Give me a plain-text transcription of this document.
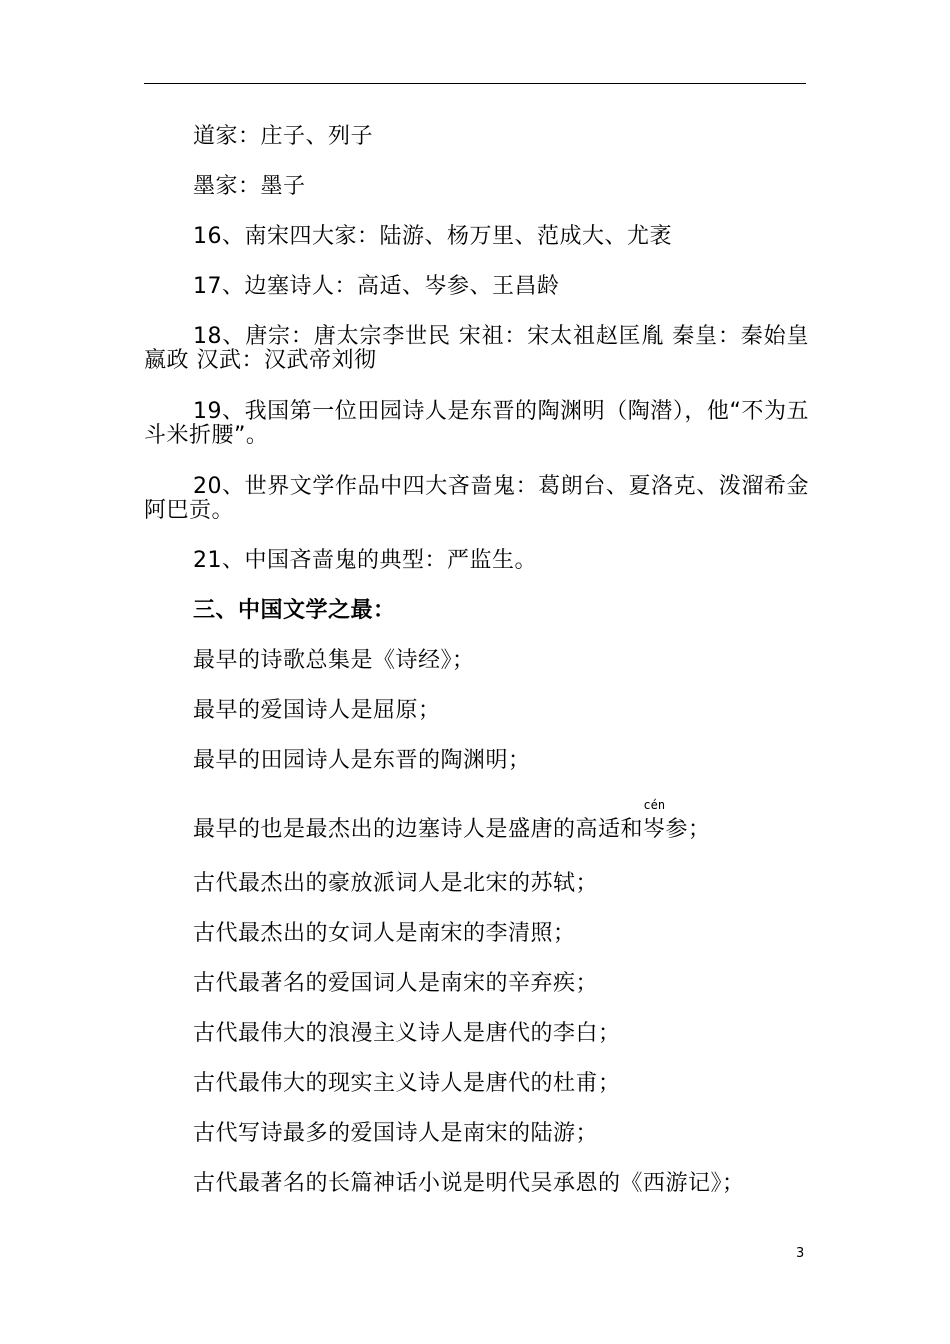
道家：庄子、列子
墨家：墨子
16、南宋四大家：陆游、杨万里、范成大、尤袤
17、边塞诗人：高适、岑参、王昌龄
18、唐宗：唐太宗李世民 宋祖：宋太祖赵匡胤 秦皇：秦始皇嬴政 汉武：汉武帝刘彻
19、我国第一位田园诗人是东晋的陶渊明（陶潜），他“不为五斗米折腰”。
20、世界文学作品中四大吝啬鬼：葛朗台、夏洛克、泼溜希金阿巴贡。
21、中国吝啬鬼的典型：严监生。
三、中国文学之最：
最早的诗歌总集是《诗经》；
最早的爱国诗人是屈原；
最早的田园诗人是东晋的陶渊明；
最早的也是最杰出的边塞诗人是盛唐的高适和
cén
岑参；
古代最杰出的豪放派词人是北宋的苏轼；
古代最杰出的女词人是南宋的李清照；
古代最著名的爱国词人是南宋的辛弃疾；
古代最伟大的浪漫主义诗人是唐代的李白；
古代最伟大的现实主义诗人是唐代的杜甫；
古代写诗最多的爱国诗人是南宋的陆游；
古代最著名的长篇神话小说是明代吴承恩的《西游记》；
3
